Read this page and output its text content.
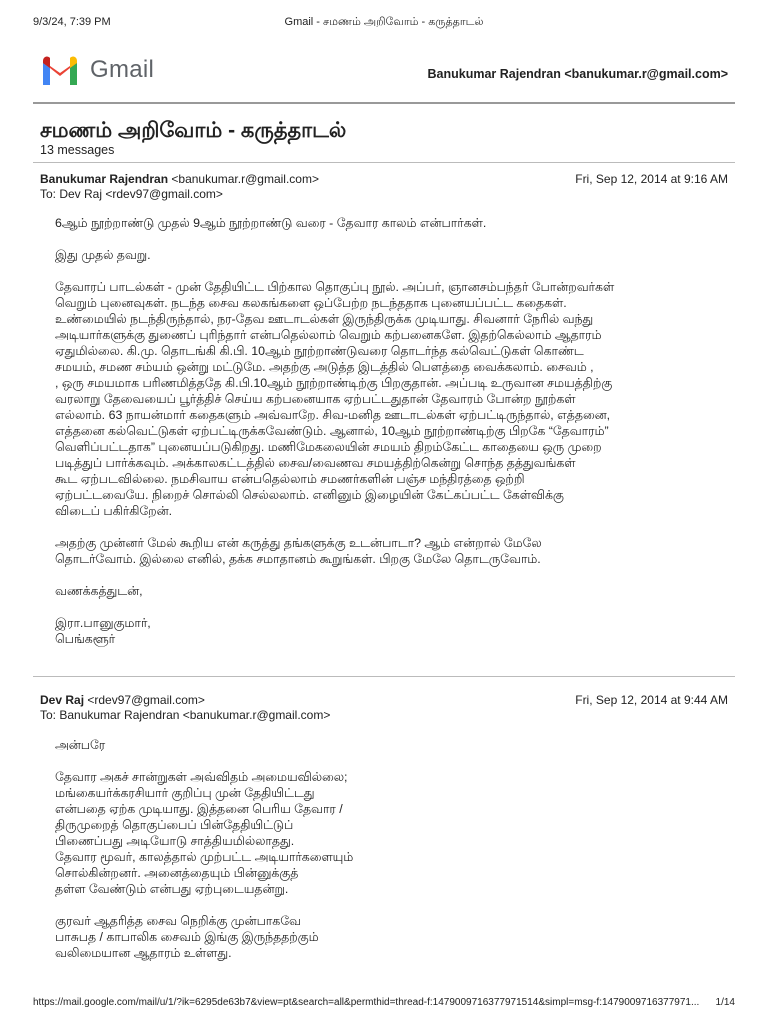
9/3/24, 7:39 PM	Gmail - சமணம் அறிவோம் - கருத்தாடல்
Gmail	Banukumar Rajendran <banukumar.r@gmail.com>
சமணம் அறிவோம் - கருத்தாடல்
13 messages
Banukumar Rajendran <banukumar.r@gmail.com>
To: Dev Raj <rdev97@gmail.com>
Fri, Sep 12, 2014 at 9:16 AM

6ஆம் நூற்றாண்டு முதல் 9ஆம் நூற்றாண்டு வரை - தேவார காலம் என்பார்கள்.

இது முதல் தவறு.

தேவாரப் பாடல்கள் - முன் தேதியிட்ட பிற்கால தொகுப்பு நூல். அப்பர், ஞானசம்பந்தர் போன்றவர்கள்
வெறும் புனைவுகள். நடந்த சைவ கலகங்களை ஒப்பேற்ற நடந்ததாக புனையப்பட்ட கதைகள்.
உண்மையில் நடந்திருந்தால், நர-தேவ ஊடாடல்கள் இருந்திருக்க முடியாது. சிவனார் நேரில் வந்து
அடியார்களுக்கு துணைப் புரிந்தார் என்பதெல்லாம் வெறும் கற்பனைகளே. இதற்கெல்லாம் ஆதாரம்
ஏதுமில்லை. கி.மு. தொடங்கி கி.பி. 10ஆம் நூற்றாண்டுவரை தொடர்ந்த கல்வெட்டுகள் கொண்ட
சமயம், சமண சம்யம் ஒன்று மட்டுமே. அதற்கு அடுத்த இடத்தில் பௌத்தை வைக்கலாம். சைவம் ,
, ஒரு சமயமாக பரிணமித்ததே கி.பி.10ஆம் நூற்றாண்டிற்கு பிறகுதான். அப்படி உருவான சமயத்திற்கு
வரலாறு தேவையைப் பூர்த்திச் செய்ய கற்பனையாக ஏற்பட்டதுதான் தேவாரம் போன்ற நூற்கள்
எல்லாம். 63 நாயன்மார் கதைகளும் அவ்வாறே. சிவ-மனித ஊடாடல்கள் ஏற்பட்டிருந்தால், எத்தனை,
எத்தனை கல்வெட்டுகள் ஏற்பட்டிருக்கவேண்டும். ஆனால், 10ஆம் நூற்றாண்டிற்கு பிறகே “தேவாரம்”
வெளிப்பட்டதாக” புனையப்படுகிறது. மணிமேகலையின் சமயம் திறம்கேட்ட காதையை ஒரு முறை
படித்துப் பார்க்கவும். அக்காலகட்டத்தில் சைவ/வைணவ சமயத்திற்கென்று சொந்த தத்துவங்கள்
கூட ஏற்படவில்லை. நமசிவாய என்பதெல்லாம் சமணர்களின் பஞ்ச மந்திரத்தை ஒற்றி
ஏற்பட்டவையே. நிறைச் சொல்லி செல்லலாம். எனினும் இழையின் கேட்கப்பட்ட கேள்விக்கு
விடைப் பகிர்கிறேன்.

அதற்கு முன்னர் மேல் கூறிய என் கருத்து தங்களுக்கு உடன்பாடா? ஆம் என்றால் மேலே
தொடர்வோம். இல்லை எனில், தக்க சமாதானம் கூறுங்கள். பிறகு மேலே தொடருவோம்.

வணக்கத்துடன்,

இரா.பானுகுமார்,
பெங்களூர்

Dev Raj <rdev97@gmail.com>
To: Banukumar Rajendran <banukumar.r@gmail.com>
Fri, Sep 12, 2014 at 9:44 AM

அன்பரே

தேவார அகச் சான்றுகள் அவ்விதம் அமையவில்லை;
மங்கையர்க்கரசியார் குறிப்பு முன் தேதியிட்டது
என்பதை ஏற்க முடியாது. இத்தனை பெரிய தேவார /
திருமுறைத் தொகுப்பைப் பின்தேதியிட்டுப்
பிணைப்பது அடியோடு சாத்தியமில்லாதது.
தேவார மூவர், காலத்தால் முற்பட்ட அடியார்களையும்
சொல்கின்றனர். அனைத்தையும் பின்னுக்குத்
தள்ள வேண்டும் என்பது ஏற்புடையதன்று.

குரவர் ஆதரித்த சைவ நெறிக்கு முன்பாகவே
பாசுபத / காபாலிக சைவம் இங்கு இருந்ததற்கும்
வலிமையான ஆதாரம் உள்ளது.

https://mail.google.com/mail/u/1/?ik=6295de63b7&view=pt&search=all&permthid=thread-f:1479009716377971514&simpl=msg-f:1479009716377971... 1/14
